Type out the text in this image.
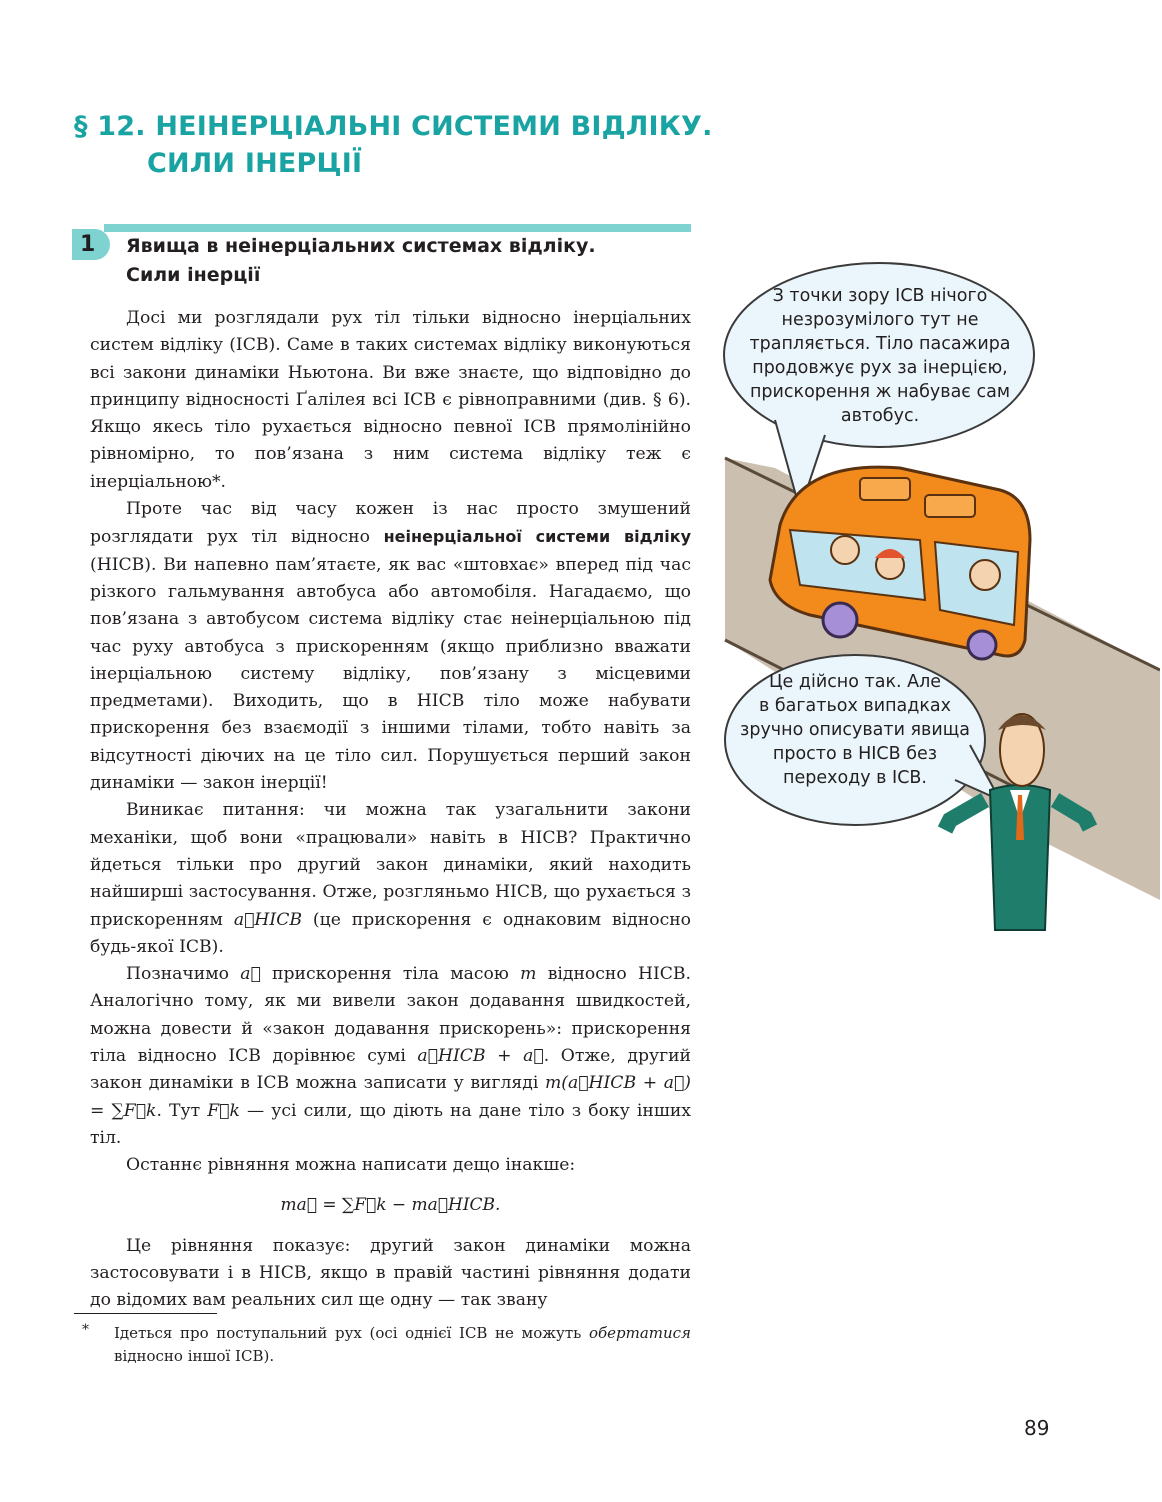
§ 12. НЕІНЕРЦІАЛЬНІ СИСТЕМИ ВІДЛІКУ.
СИЛИ ІНЕРЦІЇ
1	Явища в неінерціальних системах відліку.
Сили інерції

Досі ми розглядали рух тіл тільки відносно інерціальних систем відліку (ІСВ). Саме в таких системах відліку виконуються всі закони динаміки Ньютона. Ви вже знаєте, що відповідно до принципу відносності Ґалілея всі ІСВ є рівноправними (див. § 6). Якщо якесь тіло рухається відносно певної ІСВ прямолінійно рівномірно, то пов’язана з ним система відліку теж є інерціальною*.

Проте час від часу кожен із нас просто змушений розглядати рух тіл відносно неінерціальної системи відліку (НІСВ). Ви напевно пам’ятаєте, як вас «штовхає» вперед під час різкого гальмування автобуса або автомобіля. Нагадаємо, що пов’язана з автобусом система відліку стає неінерціальною під час руху автобуса з прискоренням (якщо приблизно вважати інерціальною систему відліку, пов’язану з місцевими предметами). Виходить, що в НІСВ тіло може набувати прискорення без взаємодії з іншими тілами, тобто навіть за відсутності діючих на це тіло сил. Порушується перший закон динаміки — закон інерції!

Виникає питання: чи можна так узагальнити закони механіки, щоб вони «працювали» навіть в НІСВ? Практично йдеться тільки про другий закон динаміки, який находить найширші застосування. Отже, розгляньмо НІСВ, що рухається з прискоренням a⃗НІСВ (це прискорення є однаковим відносно будь-якої ІСВ).

Позначимо a⃗ прискорення тіла масою m відносно НІСВ. Аналогічно тому, як ми вивели закон додавання швидкостей, можна довести й «закон додавання прискорень»: прискорення тіла відносно ІСВ дорівнює сумі a⃗НІСВ + a⃗. Отже, другий закон динаміки в ІСВ можна записати у вигляді m(a⃗НІСВ + a⃗) = ∑F⃗k. Тут F⃗k — усі сили, що діють на дане тіло з боку інших тіл.

Останнє рівняння можна написати дещо інакше:

ma⃗ = ∑F⃗k − ma⃗НІСВ.

Це рівняння показує: другий закон динаміки можна застосовувати і в НІСВ, якщо в правій частині рівняння додати до відомих вам реальних сил ще одну — так звану

* Ідеться про поступальний рух (осі однієї ІСВ не можуть обертатися відносно іншої ІСВ).
З точки зору ІСВ нічого
незрозумілого тут не
трапляється. Тіло пасажира
продовжує рух за інерцією,
прискорення ж набуває сам
автобус.
Це дійсно так. Але
в багатьох випадках
зручно описувати явища
просто в НІСВ без
переходу в ІСВ.
89
